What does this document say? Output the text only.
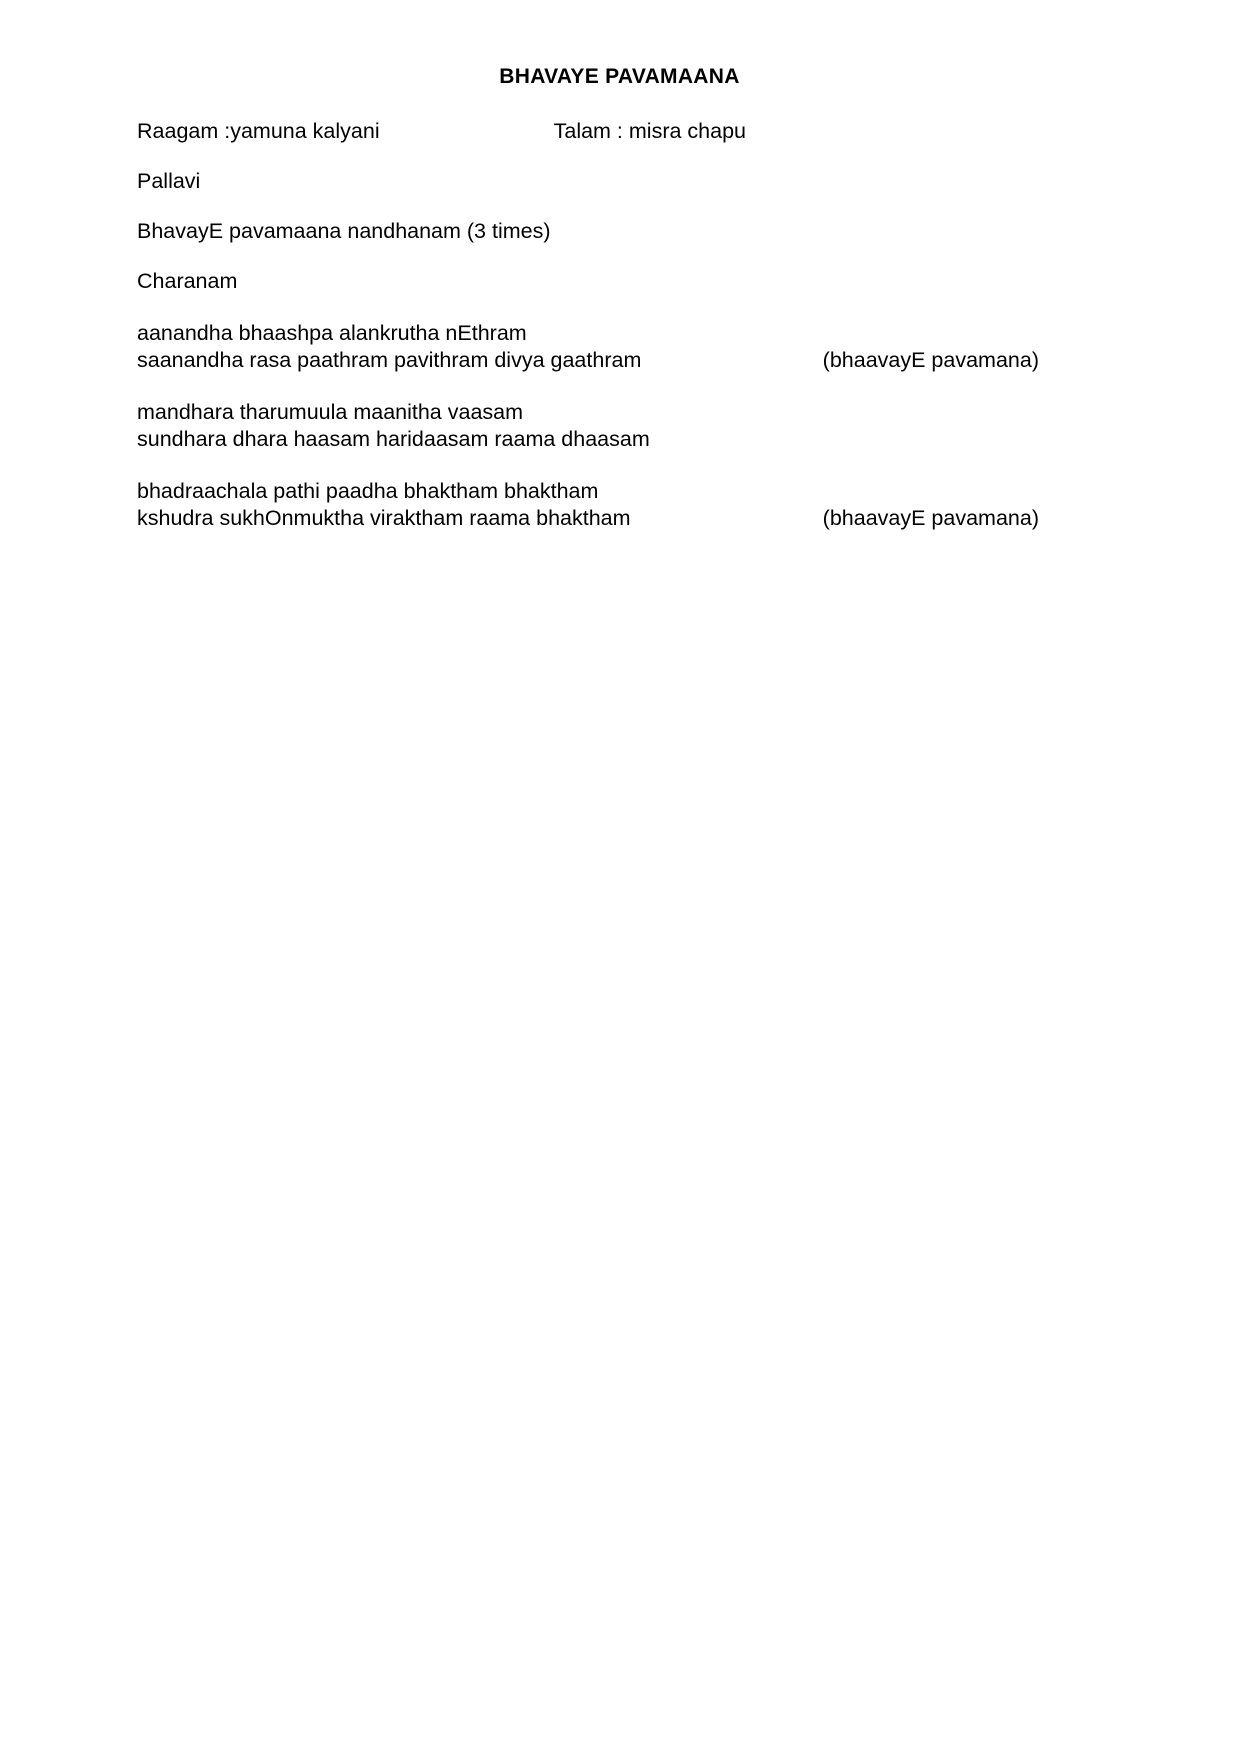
BHAVAYE PAVAMAANA
Raagam :yamuna kalyani	Talam : misra chapu
Pallavi
BhavayE pavamaana nandhanam (3 times)
Charanam
aanandha bhaashpa alankrutha nEthram
saanandha rasa paathram pavithram divya gaathram	(bhaavayE pavamana)
mandhara tharumuula maanitha vaasam
sundhara dhara haasam haridaasam raama dhaasam
bhadraachala pathi paadha bhaktham bhaktham
kshudra sukhOnmuktha viraktham raama bhaktham	(bhaavayE pavamana)
